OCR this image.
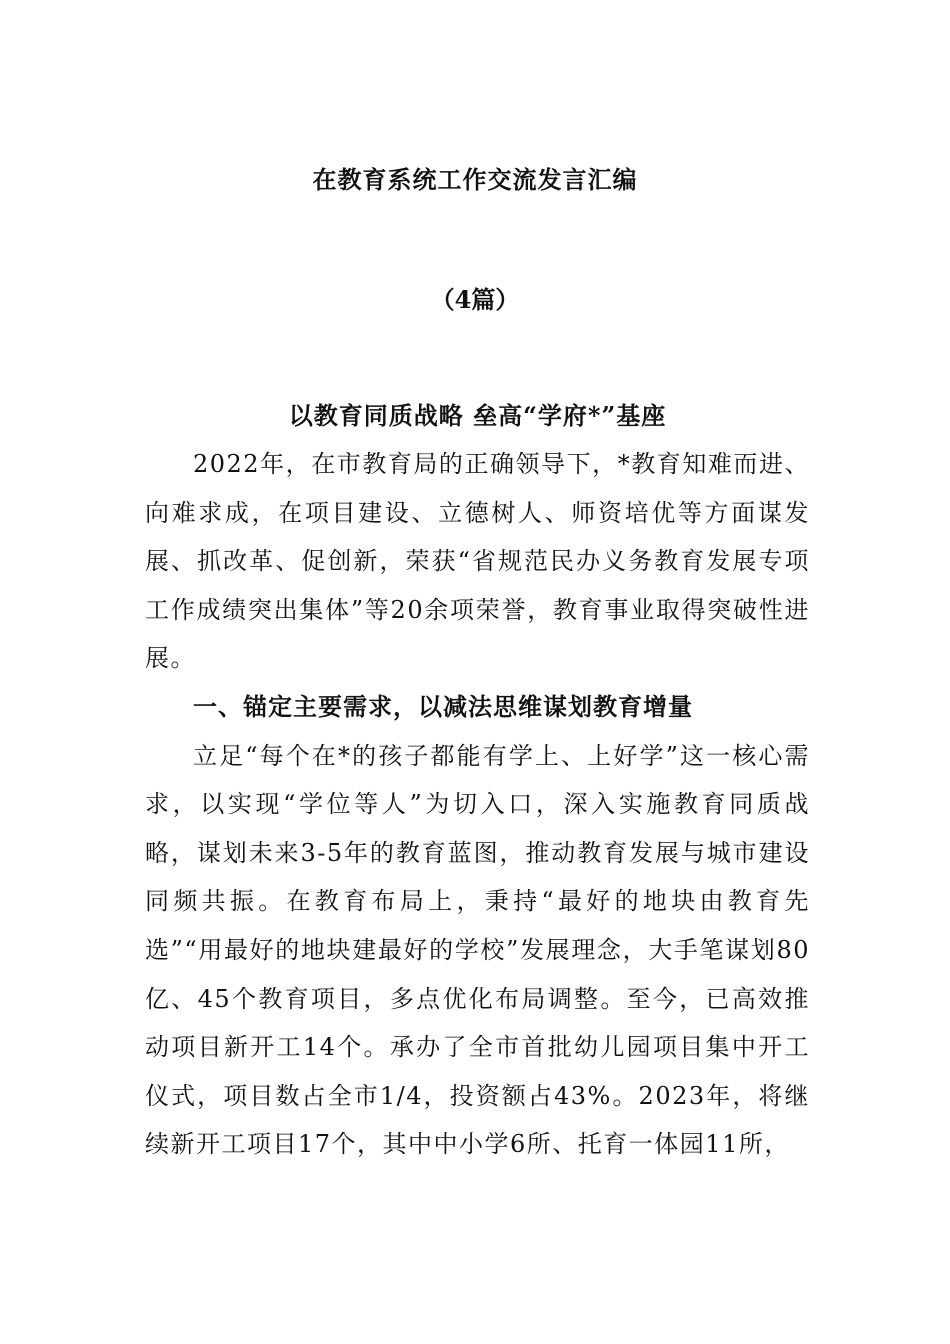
在教育系统工作交流发言汇编
（4篇）
以教育同质战略 垒高“学府*”基座

2022年，在市教育局的正确领导下，*教育知难而进、向难求成，在项目建设、立德树人、师资培优等方面谋发展、抓改革、促创新，荣获“省规范民办义务教育发展专项工作成绩突出集体”等20余项荣誉，教育事业取得突破性进展。

一、锚定主要需求，以减法思维谋划教育增量

立足“每个在*的孩子都能有学上、上好学”这一核心需求，以实现“学位等人”为切入口，深入实施教育同质战略，谋划未来3-5年的教育蓝图，推动教育发展与城市建设同频共振。在教育布局上，秉持“最好的地块由教育先选”“用最好的地块建最好的学校”发展理念，大手笔谋划80亿、45个教育项目，多点优化布局调整。至今，已高效推动项目新开工14个。承办了全市首批幼儿园项目集中开工仪式，项目数占全市1/4，投资额占43%。2023年，将继续新开工项目17个，其中中小学6所、托育一体园11所，
